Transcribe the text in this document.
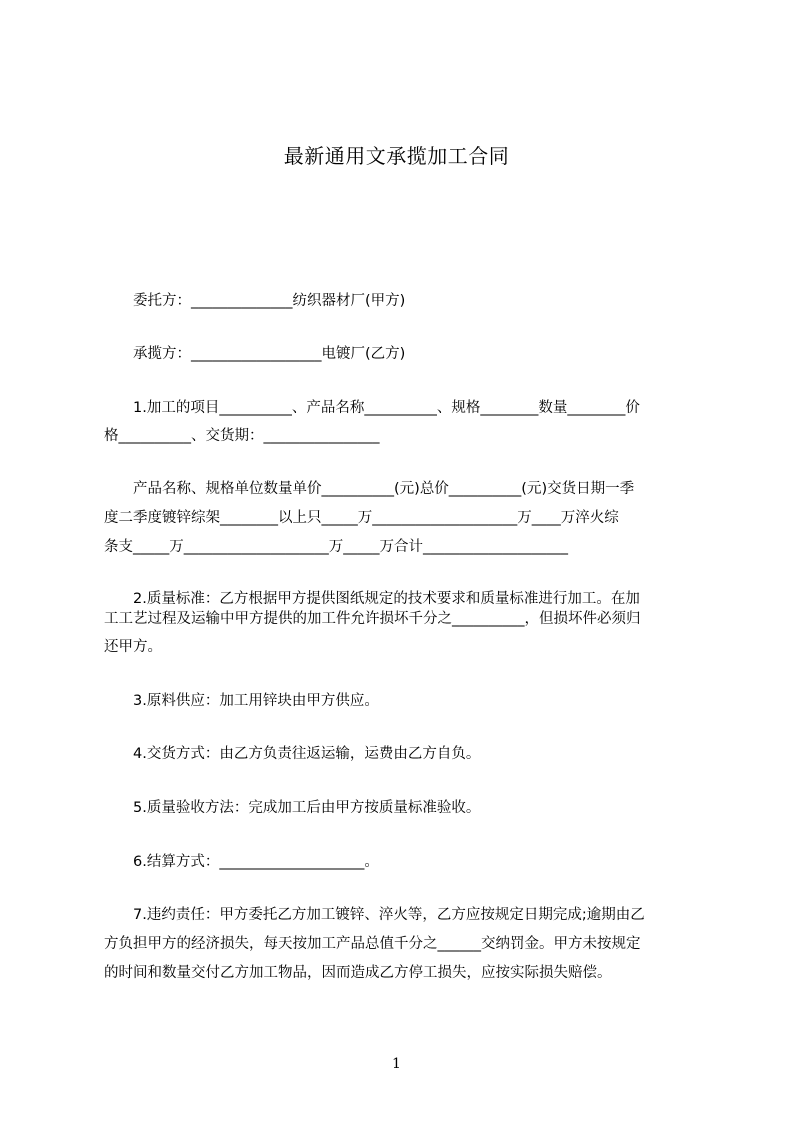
最新通用文承揽加工合同

　　委托方：______________纺织器材厂(甲方)

　　承揽方：__________________电镀厂(乙方)

　　1.加工的项目__________、产品名称__________、规格________数量________价

格__________、交货期：________________

　　产品名称、规格单位数量单价__________(元)总价__________(元)交货日期一季

度二季度镀锌综架________以上只_____万____________________万____万淬火综

条支_____万____________________万_____万合计____________________

　　2.质量标准：乙方根据甲方提供图纸规定的技术要求和质量标准进行加工。在加

工工艺过程及运输中甲方提供的加工件允许损坏千分之__________，但损坏件必须归

还甲方。

　　3.原料供应：加工用锌块由甲方供应。

　　4.交货方式：由乙方负责往返运输，运费由乙方自负。

　　5.质量验收方法：完成加工后由甲方按质量标准验收。

　　6.结算方式：____________________。

　　7.违约责任：甲方委托乙方加工镀锌、淬火等，乙方应按规定日期完成;逾期由乙

方负担甲方的经济损失，每天按加工产品总值千分之______交纳罚金。甲方未按规定

的时间和数量交付乙方加工物品，因而造成乙方停工损失，应按实际损失赔偿。

1
